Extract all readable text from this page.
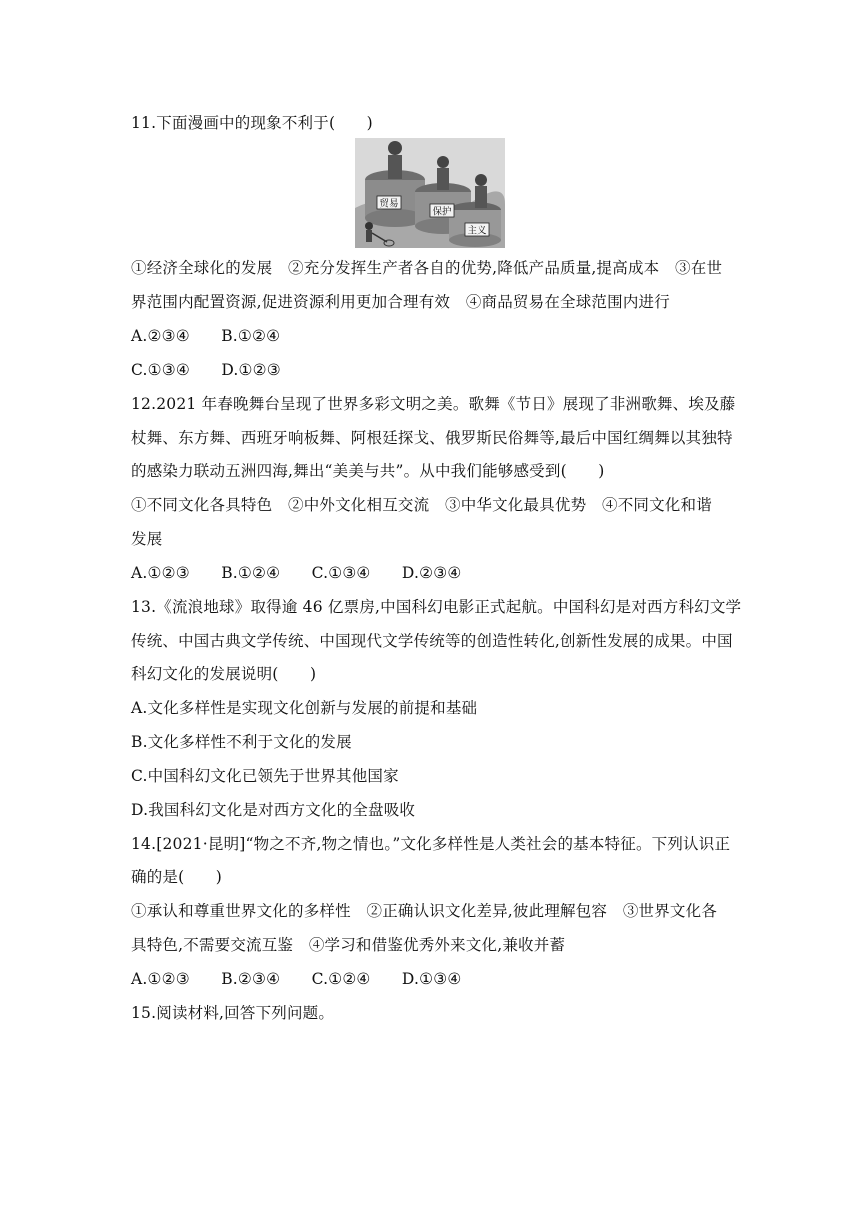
11.下面漫画中的现象不利于(　　)
贸易
保护
主义
①经济全球化的发展　②充分发挥生产者各自的优势,降低产品质量,提高成本　③在世
界范围内配置资源,促进资源利用更加合理有效　④商品贸易在全球范围内进行
A.②③④　　B.①②④
C.①③④　　D.①②③
12.2021 年春晚舞台呈现了世界多彩文明之美。歌舞《节日》展现了非洲歌舞、埃及藤
杖舞、东方舞、西班牙响板舞、阿根廷探戈、俄罗斯民俗舞等,最后中国红绸舞以其独特
的感染力联动五洲四海,舞出“美美与共”。从中我们能够感受到(　　)
①不同文化各具特色　②中外文化相互交流　③中华文化最具优势　④不同文化和谐
发展
A.①②③　　B.①②④　　C.①③④　　D.②③④
13.《流浪地球》取得逾 46 亿票房,中国科幻电影正式起航。中国科幻是对西方科幻文学
传统、中国古典文学传统、中国现代文学传统等的创造性转化,创新性发展的成果。中国
科幻文化的发展说明(　　)
A.文化多样性是实现文化创新与发展的前提和基础
B.文化多样性不利于文化的发展
C.中国科幻文化已领先于世界其他国家
D.我国科幻文化是对西方文化的全盘吸收
14.[2021·昆明]“物之不齐,物之情也。”文化多样性是人类社会的基本特征。下列认识正
确的是(　　)
①承认和尊重世界文化的多样性　②正确认识文化差异,彼此理解包容　③世界文化各
具特色,不需要交流互鉴　④学习和借鉴优秀外来文化,兼收并蓄
A.①②③　　B.②③④　　C.①②④　　D.①③④
15.阅读材料,回答下列问题。
